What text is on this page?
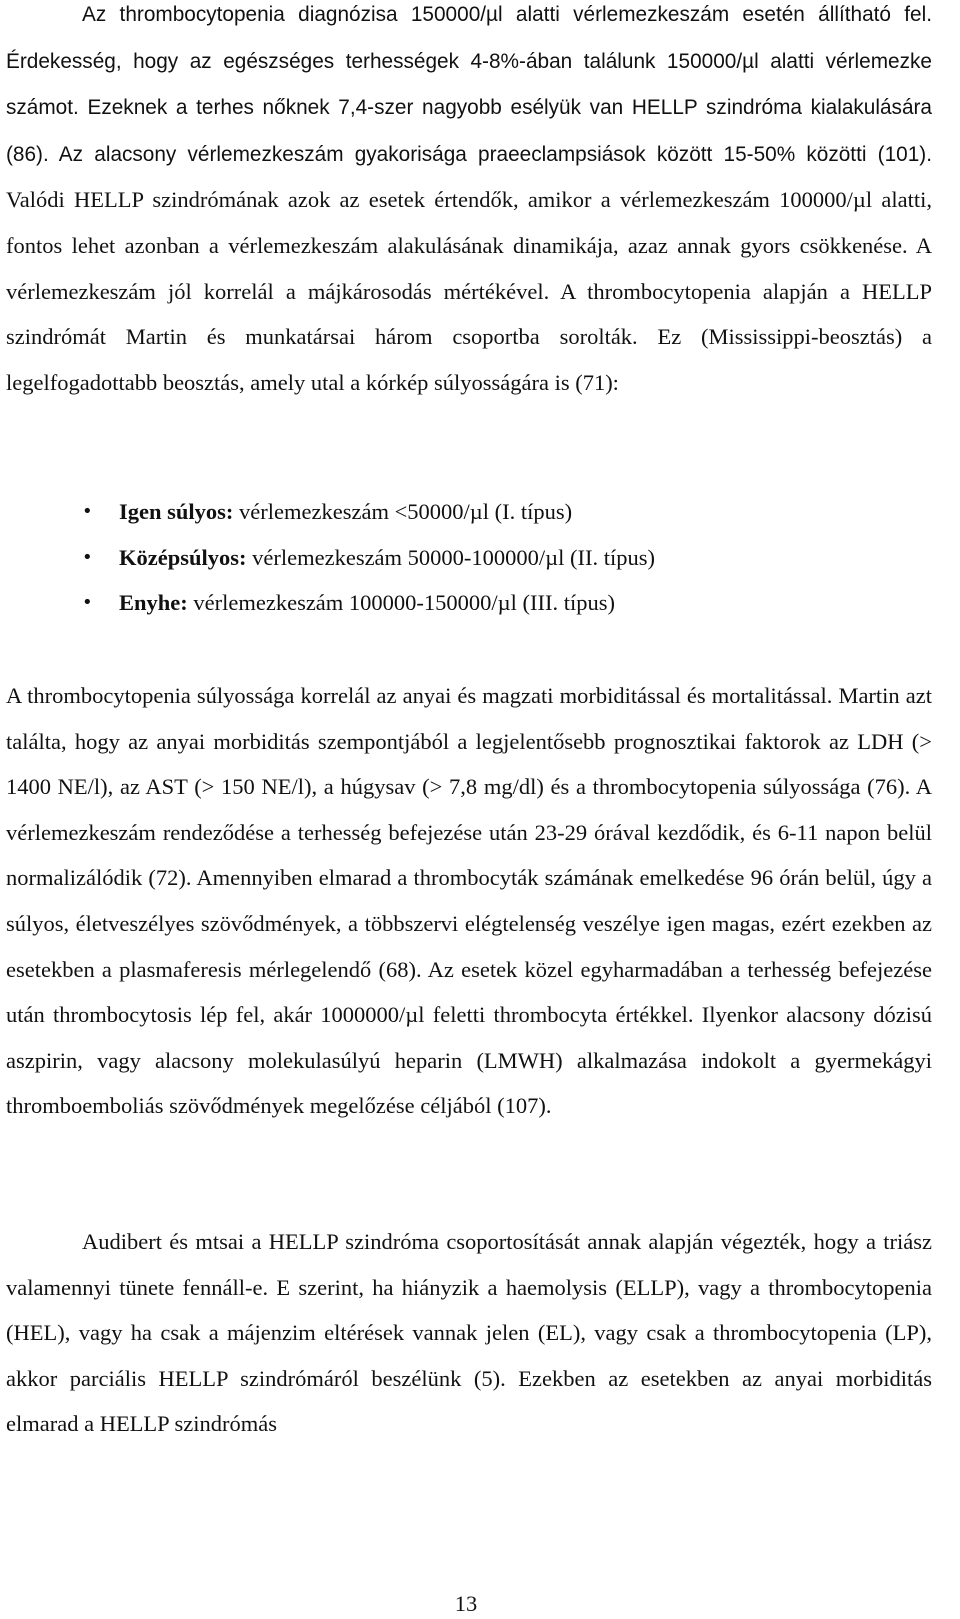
Az thrombocytopenia diagnózisa 150000/µl alatti vérlemezkeszám esetén állítható fel. Érdekesség, hogy az egészséges terhességek 4-8%-ában találunk 150000/µl alatti vérlemezke számot. Ezeknek a terhes nőknek 7,4-szer nagyobb esélyük van HELLP szindróma kialakulására (86). Az alacsony vérlemezkeszám gyakorisága praeeclampsiások között 15-50% közötti (101). Valódi HELLP szindrómának azok az esetek értendők, amikor a vérlemezkeszám 100000/µl alatti, fontos lehet azonban a vérlemezkeszám alakulásának dinamikája, azaz annak gyors csökkenése. A vérlemezkeszám jól korrelál a májkárosodás mértékével. A thrombocytopenia alapján a HELLP szindrómát Martin és munkatársai három csoportba sorolták. Ez (Mississippi-beosztás) a legelfogadottabb beosztás, amely utal a kórkép súlyosságára is (71):

•	Igen súlyos: vérlemezkeszám <50000/µl (I. típus)
•	Középsúlyos: vérlemezkeszám 50000-100000/µl (II. típus)
•	Enyhe: vérlemezkeszám 100000-150000/µl (III. típus)

A thrombocytopenia súlyossága korrelál az anyai és magzati morbiditással és mortalitással. Martin azt találta, hogy az anyai morbiditás szempontjából a legjelentősebb prognosztikai faktorok az LDH (> 1400 NE/l), az AST (> 150 NE/l), a húgysav (> 7,8 mg/dl) és a thrombocytopenia súlyossága (76). A vérlemezkeszám rendeződése a terhesség befejezése után 23-29 órával kezdődik, és 6-11 napon belül normalizálódik (72). Amennyiben elmarad a thrombocyták számának emelkedése 96 órán belül, úgy a súlyos, életveszélyes szövődmények, a többszervi elégtelenség veszélye igen magas, ezért ezekben az esetekben a plasmaferesis mérlegelendő (68). Az esetek közel egyharmadában a terhesség befejezése után thrombocytosis lép fel, akár 1000000/µl feletti thrombocyta értékkel. Ilyenkor alacsony dózisú aszpirin, vagy alacsony molekulasúlyú heparin (LMWH) alkalmazása indokolt a gyermekágyi thromboemboliás szövődmények megelőzése céljából (107).

Audibert és mtsai a HELLP szindróma csoportosítását annak alapján végezték, hogy a triász valamennyi tünete fennáll-e. E szerint, ha hiányzik a haemolysis (ELLP), vagy a thrombocytopenia (HEL), vagy ha csak a májenzim eltérések vannak jelen (EL), vagy csak a thrombocytopenia (LP), akkor parciális HELLP szindrómáról beszélünk (5). Ezekben az esetekben az anyai morbiditás elmarad a HELLP szindrómás

13
